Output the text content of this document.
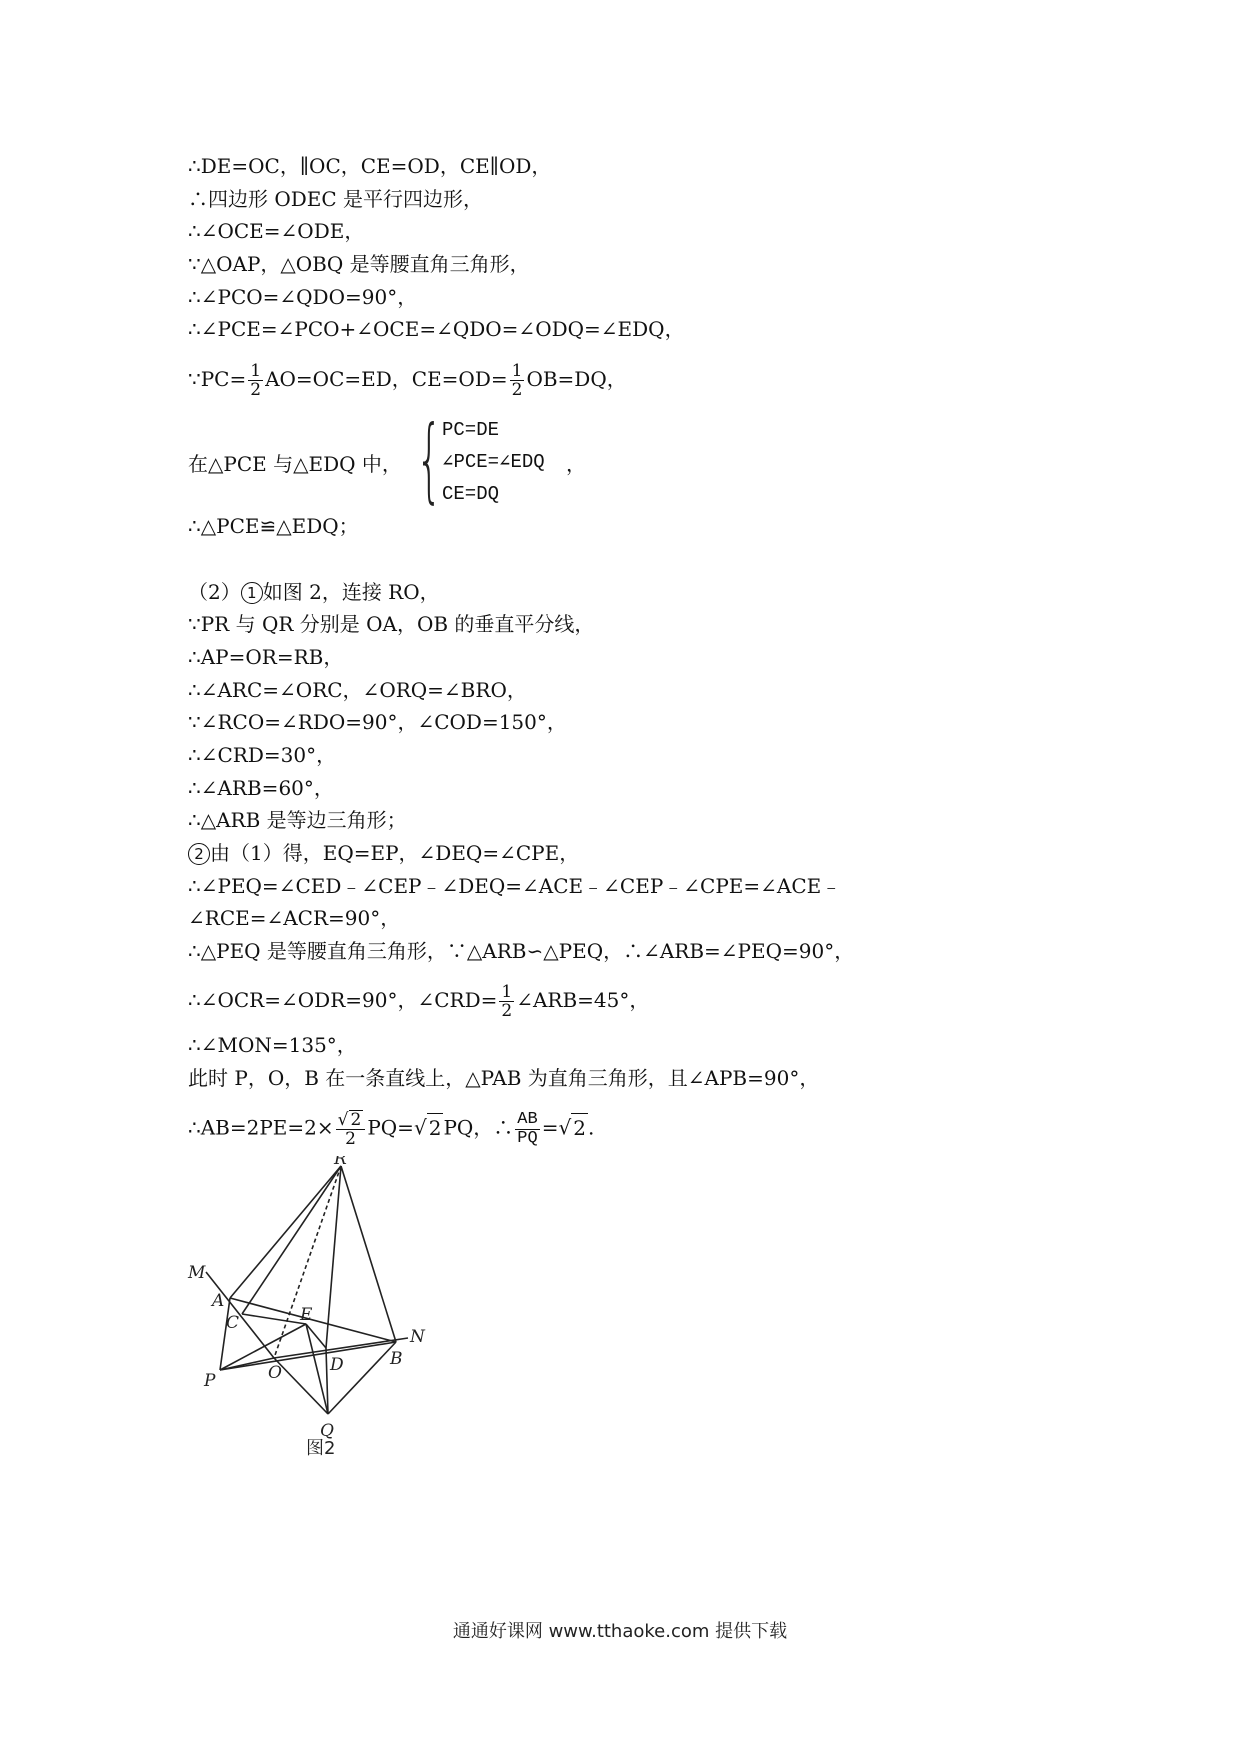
∴DE=OC，∥OC，CE=OD，CE∥OD，
∴四边形 ODEC 是平行四边形，
∴∠OCE=∠ODE，
∵△OAP，△OBQ 是等腰直角三角形，
∴∠PCO=∠QDO=90°，
∴∠PCE=∠PCO+∠OCE=∠QDO=∠ODQ=∠EDQ，
∵PC= $\frac{1}{2} AO=OC=ED$，$CE=OD= \frac{1}{2} OB=DQ$，
在△PCE 与△EDQ 中， { PC=DE
∠PCE=∠EDQ
CE=DQ
，
∴△PCE≌△EDQ；
（2） 1 如图 2，连接 RO，
∵PR 与 QR 分别是 OA，OB 的垂直平分线，
∴AP=OR=RB，
∴∠ARC=∠ORC，∠ORQ=∠BRO，
∵∠RCO=∠RDO=90°，∠COD=150°，
∴∠CRD=30°，
∴∠ARB=60°，
∴△ARB 是等边三角形；
2 由（1）得，EQ=EP，∠DEQ=∠CPE，
∴∠PEQ=∠CED﹣∠CEP﹣∠DEQ=∠ACE﹣∠CEP﹣∠CPE=∠ACE﹣
∠RCE=∠ACR=90°，
∴△PEQ 是等腰直角三角形，∵△ARB∽△PEQ，∴∠ARB=∠PEQ=90°，
∴∠OCR=∠ODR=90°，∠CRD= $\frac{1}{2}$ ∠ARB=45°，
∴∠MON=135°，
此时 P，O，B 在一条直线上，△PAB 为直角三角形，且∠APB=90°，
∴AB=2PE=2× $\frac{√ 2}{2} PQ=√$ 2 PQ，∴ $\frac{AB}{PQ}$ =√ 2 .
R
M
A
C	E
N
P	O	D	B
Q
图2
通通好课网 www.tthaoke.com 提供下载
